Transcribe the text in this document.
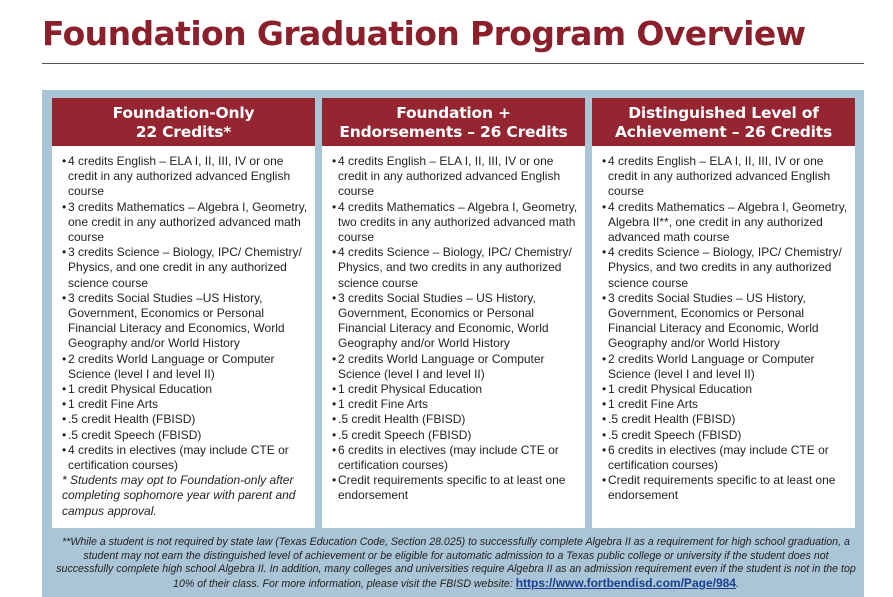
Foundation Graduation Program Overview
Foundation-Only
22 Credits*
• 4 credits English – ELA I, II, III, IV or one credit in any authorized advanced English course
• 3 credits Mathematics – Algebra I, Geometry, one credit in any authorized advanced math course
• 3 credits Science – Biology, IPC/ Chemistry/ Physics, and one credit in any authorized science course
• 3 credits Social Studies –US History, Government, Economics or Personal Financial Literacy and Economics, World Geography and/or World History
• 2 credits World Language or Computer Science (level I and level II)
• 1 credit Physical Education
• 1 credit Fine Arts
• .5 credit Health (FBISD)
• .5 credit Speech (FBISD)
• 4 credits in electives (may include CTE or certification courses)

* Students may opt to Foundation-only after completing sophomore year with parent and campus approval.

Foundation +
Endorsements – 26 Credits
• 4 credits English – ELA I, II, III, IV or one credit in any authorized advanced English course
• 4 credits Mathematics – Algebra I, Geometry, two credits in any authorized advanced math course
• 4 credits Science – Biology, IPC/ Chemistry/ Physics, and two credits in any authorized science course
• 3 credits Social Studies – US History, Government, Economics or Personal Financial Literacy and Economic, World Geography and/or World History
• 2 credits World Language or Computer Science (level I and level II)
• 1 credit Physical Education
• 1 credit Fine Arts
• .5 credit Health (FBISD)
• .5 credit Speech (FBISD)
• 6 credits in electives (may include CTE or certification courses)
• Credit requirements specific to at least one endorsement
Distinguished Level of
Achievement – 26 Credits
• 4 credits English – ELA I, II, III, IV or one credit in any authorized advanced English course
• 4 credits Mathematics – Algebra I, Geometry, Algebra II**, one credit in any authorized advanced math course
• 4 credits Science – Biology, IPC/ Chemistry/ Physics, and two credits in any authorized science course
• 3 credits Social Studies – US History, Government, Economics or Personal Financial Literacy and Economic, World Geography and/or World History
• 2 credits World Language or Computer Science (level I and level II)
• 1 credit Physical Education
• 1 credit Fine Arts
• .5 credit Health (FBISD)
• .5 credit Speech (FBISD)
• 6 credits in electives (may include CTE or certification courses)
• Credit requirements specific to at least one endorsement

**While a student is not required by state law (Texas Education Code, Section 28.025) to successfully complete Algebra II as a requirement for high school graduation, a student may not earn the distinguished level of achievement or be eligible for automatic admission to a Texas public college or university if the student does not successfully complete high school Algebra II. In addition, many colleges and universities require Algebra II as an admission requirement even if the student is not in the top 10% of their class. For more information, please visit the FBISD website: https://www.fortbendisd.com/Page/984.
